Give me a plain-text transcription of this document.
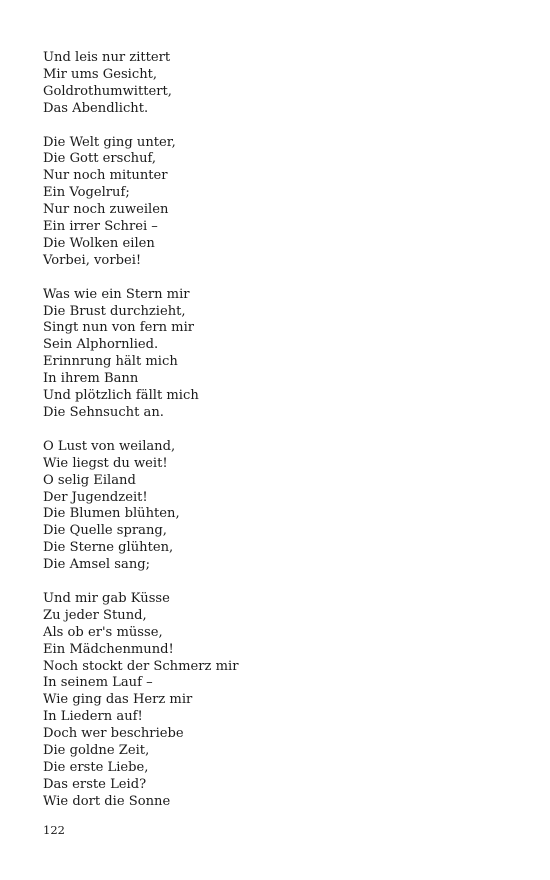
Und leis nur zittert
Mir ums Gesicht,
Goldrothumwittert,
Das Abendlicht.
Die Welt ging unter,
Die Gott erschuf,
Nur noch mitunter
Ein Vogelruf;
Nur noch zuweilen
Ein irrer Schrei –
Die Wolken eilen
Vorbei, vorbei!
Was wie ein Stern mir
Die Brust durchzieht,
Singt nun von fern mir
Sein Alphornlied.
Erinnrung hält mich
In ihrem Bann
Und plötzlich fällt mich
Die Sehnsucht an.
O Lust von weiland,
Wie liegst du weit!
O selig Eiland
Der Jugendzeit!
Die Blumen blühten,
Die Quelle sprang,
Die Sterne glühten,
Die Amsel sang;
Und mir gab Küsse
Zu jeder Stund,
Als ob er's müsse,
Ein Mädchenmund!
Noch stockt der Schmerz mir
In seinem Lauf –
Wie ging das Herz mir
In Liedern auf!
Doch wer beschriebe
Die goldne Zeit,
Die erste Liebe,
Das erste Leid?
Wie dort die Sonne
122
